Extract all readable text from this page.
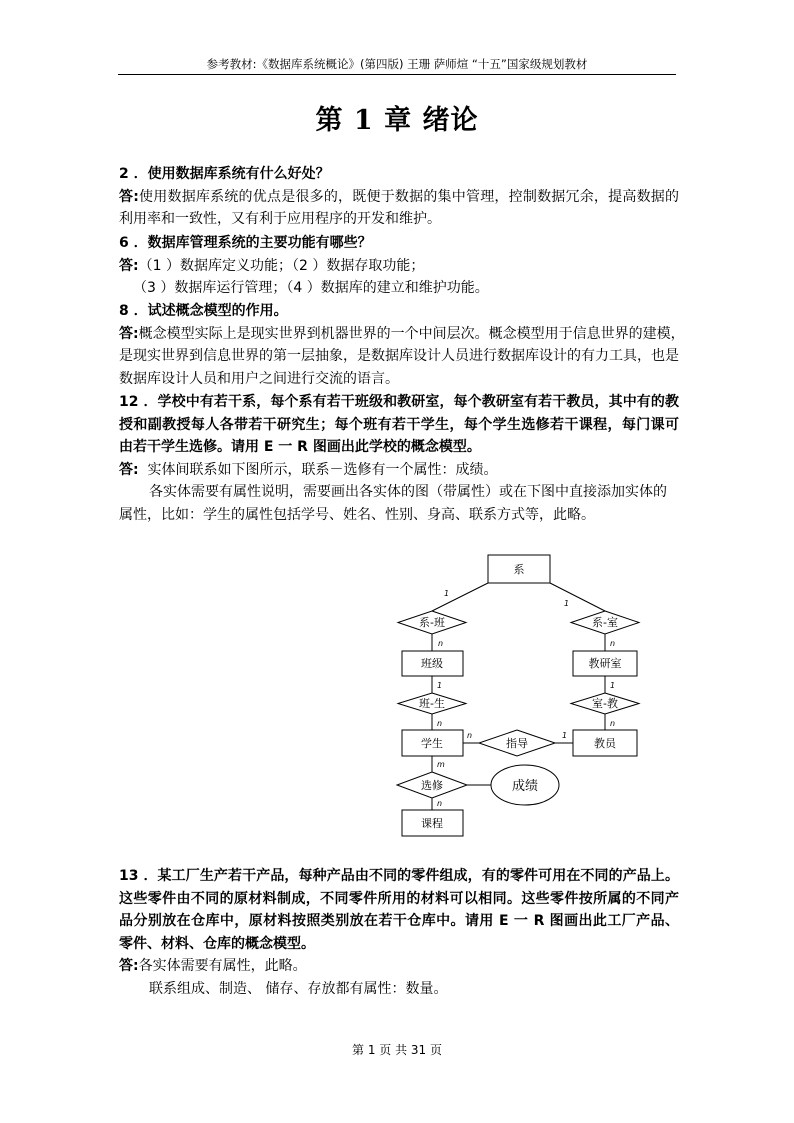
参考教材:《数据库系统概论》(第四版) 王珊 萨师煊 “十五”国家级规划教材
第 1 章 绪论
2 ．使用数据库系统有什么好处？
答:使用数据库系统的优点是很多的，既便于数据的集中管理，控制数据冗余，提高数据的
利用率和一致性，又有利于应用程序的开发和维护。
6 ．数据库管理系统的主要功能有哪些？
答:（1 ）数据库定义功能；（2 ）数据存取功能；
（3 ）数据库运行管理；（4 ）数据库的建立和维护功能。
8 ．试述概念模型的作用。
答:概念模型实际上是现实世界到机器世界的一个中间层次。概念模型用于信息世界的建模，
是现实世界到信息世界的第一层抽象，是数据库设计人员进行数据库设计的有力工具，也是
数据库设计人员和用户之间进行交流的语言。
12 ．学校中有若干系，每个系有若干班级和教研室，每个教研室有若干教员，其中有的教
授和副教授每人各带若干研究生；每个班有若干学生，每个学生选修若干课程，每门课可
由若干学生选修。请用 E 一 R 图画出此学校的概念模型。
答: 实体间联系如下图所示，联系－选修有一个属性：成绩。
各实体需要有属性说明，需要画出各实体的图（带属性）或在下图中直接添加实体的
属性，比如：学生的属性包括学号、姓名、性别、身高、联系方式等，此略。
系
班级	教研室
学生	教员
课程
系-班	系-室
班-生	室-教
指导
选修	成绩
1
n
1
n
1
n
1
n
n	1
m
n
13 ．某工厂生产若干产品，每种产品由不同的零件组成，有的零件可用在不同的产品上。
这些零件由不同的原材料制成，不同零件所用的材料可以相同。这些零件按所属的不同产
品分别放在仓库中，原材料按照类别放在若干仓库中。请用 E 一 R 图画出此工厂产品、
零件、材料、仓库的概念模型。
答:各实体需要有属性，此略。
联系组成、制造、 储存、存放都有属性：数量。
第 1 页 共 31 页
